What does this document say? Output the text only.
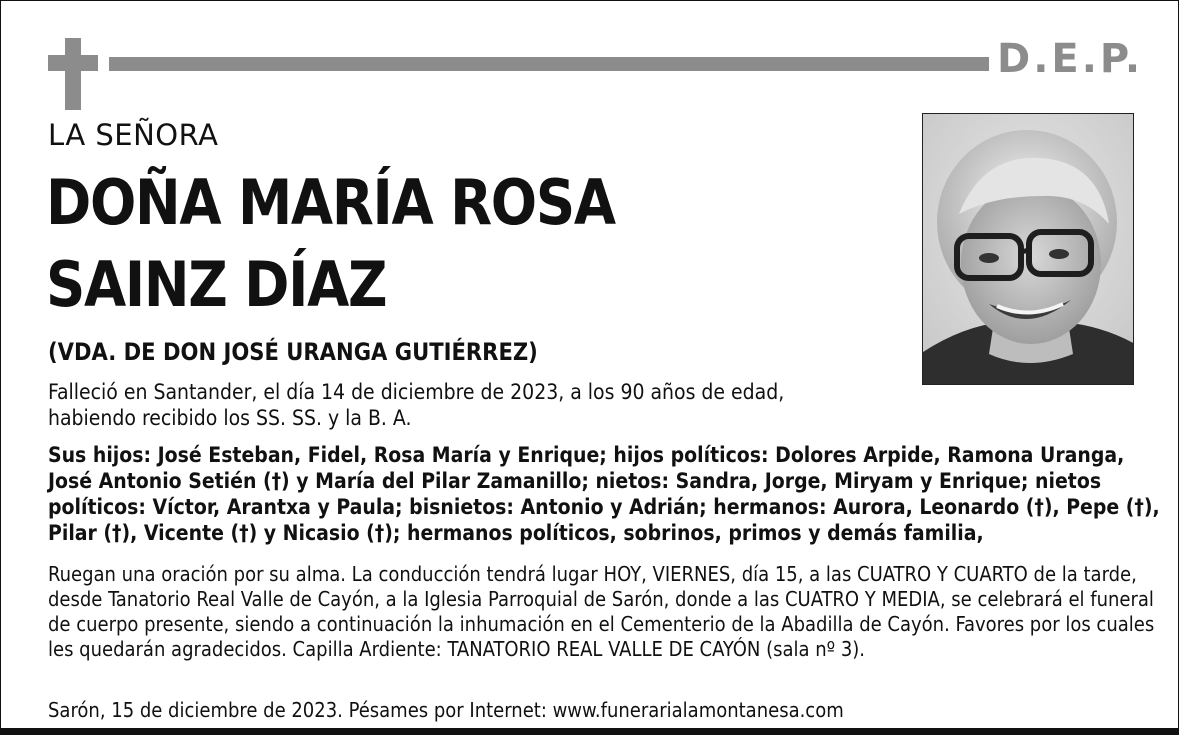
D.E.P.
LA SEÑORA
DOÑA MARÍA ROSA
SAINZ DÍAZ
(VDA. DE DON JOSÉ URANGA GUTIÉRREZ)
Falleció en Santander, el día 14 de diciembre de 2023, a los 90 años de edad,
habiendo recibido los SS. SS. y la B. A.
Sus hijos: José Esteban, Fidel, Rosa María y Enrique; hijos políticos: Dolores Arpide, Ramona Uranga, José Antonio Setién (†) y María del Pilar Zamanillo; nietos: Sandra, Jorge, Miryam y Enrique; nietos políticos: Víctor, Arantxa y Paula; bisnietos: Antonio y Adrián; hermanos: Aurora, Leonardo (†), Pepe (†), Pilar (†), Vicente (†) y Nicasio (†); hermanos políticos, sobrinos, primos y demás familia,
Ruegan una oración por su alma. La conducción tendrá lugar HOY, VIERNES, día 15, a las CUATRO Y CUARTO de la tarde, desde Tanatorio Real Valle de Cayón, a la Iglesia Parroquial de Sarón, donde a las CUATRO Y MEDIA, se celebrará el funeral de cuerpo presente, siendo a continuación la inhumación en el Cementerio de la Abadilla de Cayón. Favores por los cuales les quedarán agradecidos. Capilla Ardiente: TANATORIO REAL VALLE DE CAYÓN (sala nº 3).
Sarón, 15 de diciembre de 2023. Pésames por Internet: www.funerarialamontanesa.com
